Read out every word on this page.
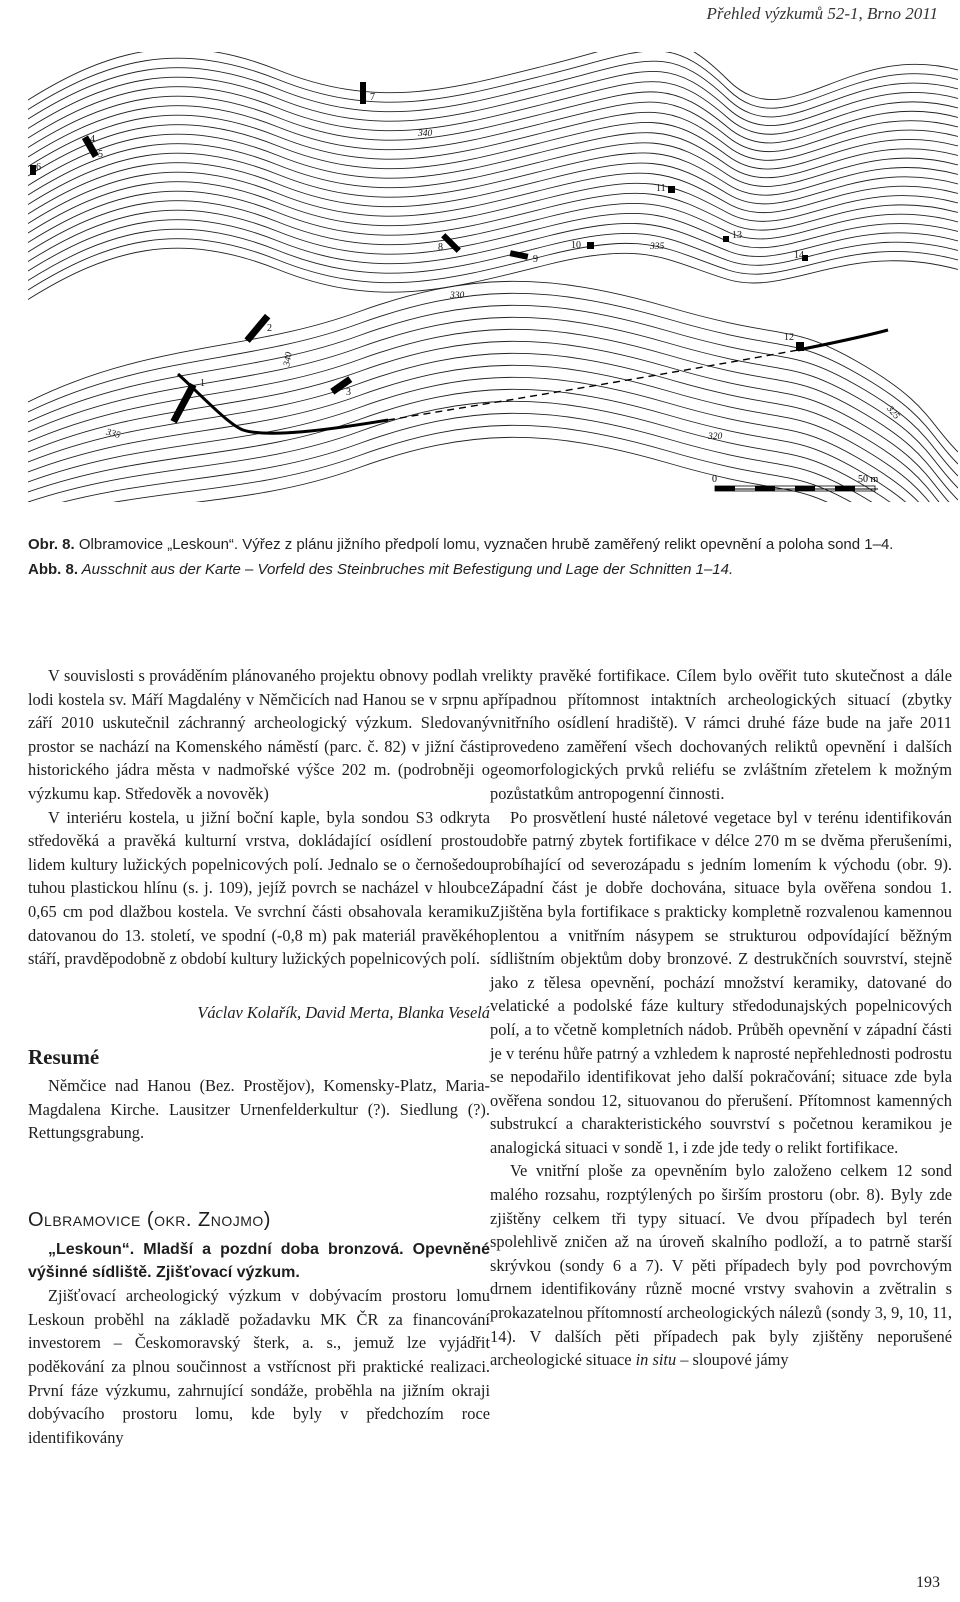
Přehled výzkumů 52-1, Brno 2011
1
2
3
4
5
6
7
8
9
10
11
12
13
14
340
335
330
340
335
325
320
0	50 m

Obr. 8. Olbramovice „Leskoun“. Výřez z plánu jižního předpolí lomu, vyznačen hrubě zaměřený relikt opevnění a poloha sond 1–4.

Abb. 8. Ausschnit aus der Karte – Vorfeld des Steinbruches mit Befestigung und Lage der Schnitten 1–14.

V souvislosti s prováděním plánovaného projektu obnovy podlah v lodi kostela sv. Máří Magdalény v Němčicích nad Hanou se v srpnu a září 2010 uskutečnil záchranný archeologický výzkum. Sledovaný prostor se nachází na Komenského náměstí (parc. č. 82) v jižní části historického jádra města v nadmořské výšce 202 m. (podrobněji o výzkumu kap. Středověk a novověk)

V interiéru kostela, u jižní boční kaple, byla sondou S3 odkryta středověká a pravěká kulturní vrstva, dokládající osídlení prostou lidem kultury lužických popelnicových polí. Jednalo se o černošedou tuhou plastickou hlínu (s. j. 109), jejíž povrch se nacházel v hloubce 0,65 cm pod dlažbou kostela. Ve svrchní části obsahovala keramiku datovanou do 13. století, ve spodní (-0,8 m) pak materiál pravěkého stáří, pravděpodobně z období kultury lužických popelnicových polí.

Václav Kolařík, David Merta, Blanka Veselá

Resumé

Němčice nad Hanou (Bez. Prostějov), Komensky-Platz, Maria-Magdalena Kirche. Lausitzer Urnenfelderkultur (?). Siedlung (?). Rettungsgrabung.

Olbramovice (okr. Znojmo)

„Leskoun“. Mladší a pozdní doba bronzová. Opevněné výšinné sídliště. Zjišťovací výzkum.

Zjišťovací archeologický výzkum v dobývacím prostoru lomu Leskoun proběhl na základě požadavku MK ČR za financování investorem – Českomoravský šterk, a. s., jemuž lze vyjádřit poděkování za plnou součinnost a vstřícnost při praktické realizaci. První fáze výzkumu, zahrnující sondáže, proběhla na jižním okraji dobývacího prostoru lomu, kde byly v předchozím roce identifikovány

relikty pravěké fortifikace. Cílem bylo ověřit tuto skutečnost a dále případnou přítomnost intaktních archeologických situací (zbytky vnitřního osídlení hradiště). V rámci druhé fáze bude na jaře 2011 provedeno zaměření všech dochovaných reliktů opevnění i dalších geomorfologických prvků reliéfu se zvláštním zřetelem k možným pozůstatkům antropogenní činnosti.

Po prosvětlení husté náletové vegetace byl v terénu identifikován dobře patrný zbytek fortifikace v délce 270 m se dvěma přerušeními, probíhající od severozápadu s jedním lomením k východu (obr. 9). Západní část je dobře dochována, situace byla ověřena sondou 1. Zjištěna byla fortifikace s prakticky kompletně rozvalenou kamennou plentou a vnitřním násypem se strukturou odpovídající běžným sídlištním objektům doby bronzové. Z destrukčních souvrství, stejně jako z tělesa opevnění, pochází množství keramiky, datované do velatické a podolské fáze kultury středodunajských popelnicových polí, a to včetně kompletních nádob. Průběh opevnění v západní části je v terénu hůře patrný a vzhledem k naprosté nepřehlednosti podrostu se nepodařilo identifikovat jeho další pokračování; situace zde byla ověřena sondou 12, situovanou do přerušení. Přítomnost kamenných substrukcí a charakteristického souvrství s početnou keramikou je analogická situaci v sondě 1, i zde jde tedy o relikt fortifikace.

Ve vnitřní ploše za opevněním bylo založeno celkem 12 sond malého rozsahu, rozptýlených po širším prostoru (obr. 8). Byly zde zjištěny celkem tři typy situací. Ve dvou případech byl terén spolehlivě zničen až na úroveň skalního podloží, a to patrně starší skrývkou (sondy 6 a 7). V pěti případech byly pod povrchovým drnem identifikovány různě mocné vrstvy svahovin a zvětralin s prokazatelnou přítomností archeologických nálezů (sondy 3, 9, 10, 11, 14). V dalších pěti případech pak byly zjištěny neporušené archeologické situace in situ – sloupové jámy

193
